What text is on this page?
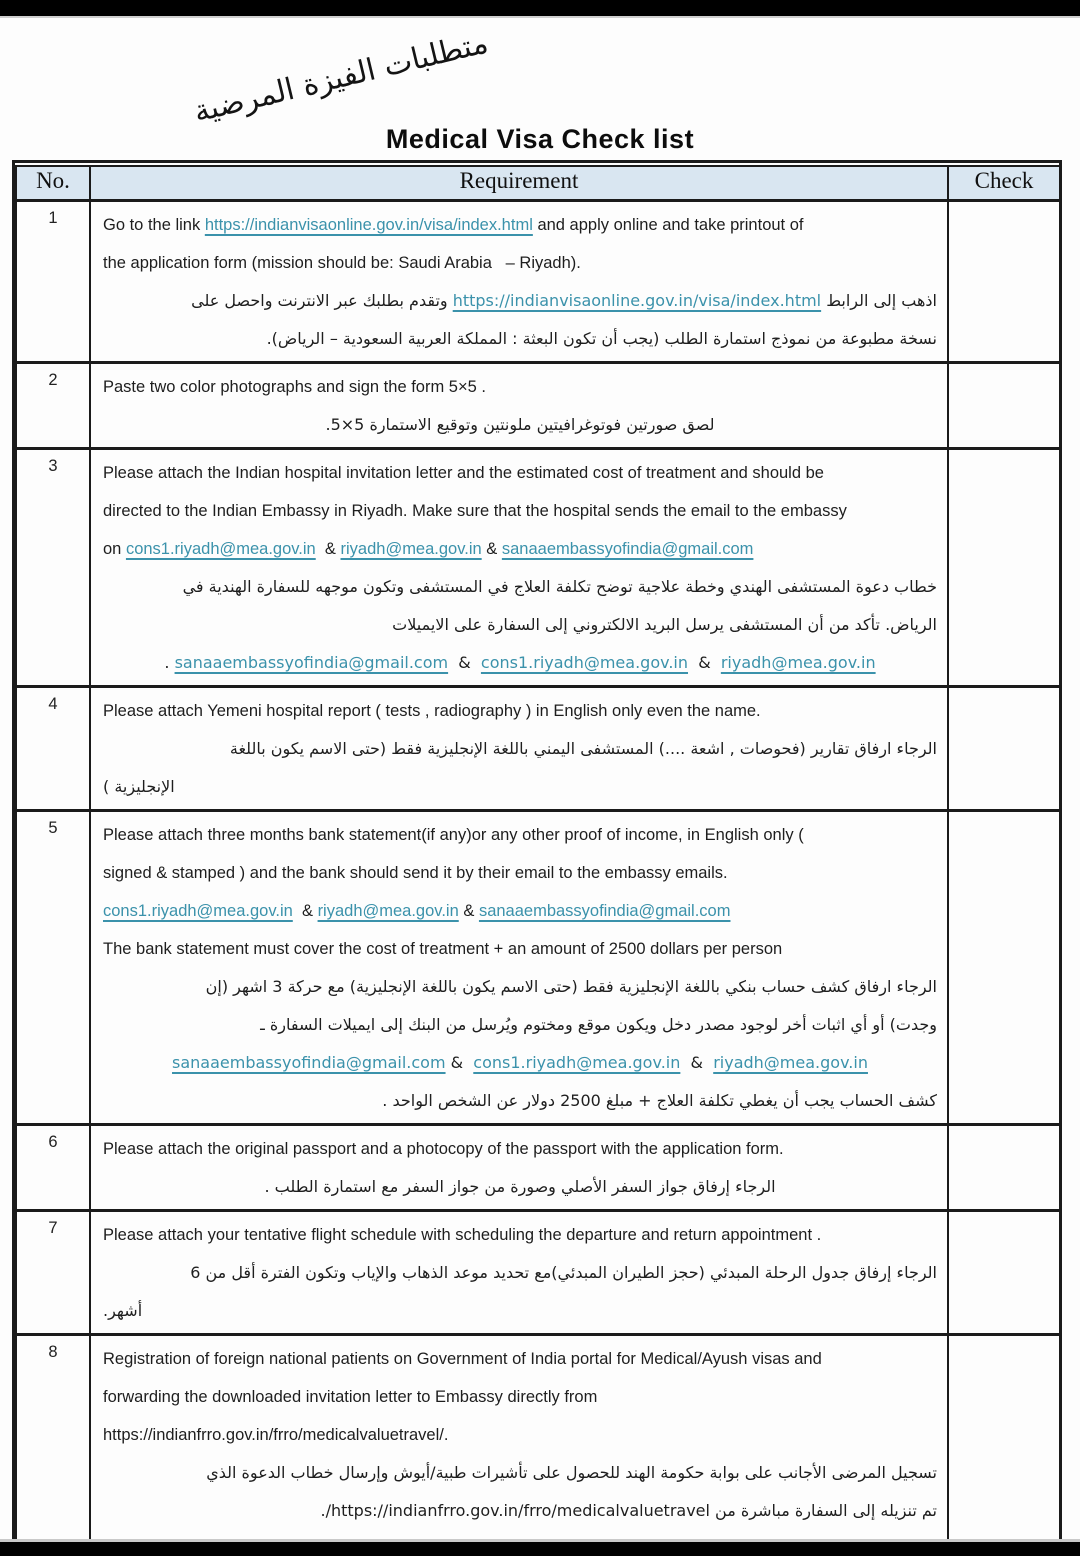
متطلبات الفيزة المرضية
Medical Visa Check list
No.	Requirement	Check
1	Go to the link https://indianvisaonline.gov.in/visa/index.html and apply online and take printout of
the application form (mission should be: Saudi Arabia   – Riyadh).
اذهب إلى الرابط https://indianvisaonline.gov.in/visa/index.html وتقدم بطلبك عبر الانترنت واحصل على
نسخة مطبوعة من نموذج استمارة الطلب (يجب أن تكون البعثة : المملكة العربية السعودية – الرياض).	

2	Paste two color photographs and sign the form 5×5 .
لصق صورتين فوتوغرافيتين ملونتين وتوقيع الاستمارة 5×5.	

3	Please attach the Indian hospital invitation letter and the estimated cost of treatment and should be
directed to the Indian Embassy in Riyadh. Make sure that the hospital sends the email to the embassy
on cons1.riyadh@mea.gov.in  & riyadh@mea.gov.in & sanaaembassyofindia@gmail.com
خطاب دعوة المستشفى الهندي وخطة علاجية توضح تكلفة العلاج في المستشفى وتكون موجهه للسفارة الهندية في
الرياض. تأكد من أن المستشفى يرسل البريد الالكتروني إلى السفارة على الايميلات
sanaaembassyofindia@gmail.com  &  cons1.riyadh@mea.gov.in  &  riyadh@mea.gov.in .

4	Please attach Yemeni hospital report ( tests , radiography ) in English only even the name.
الرجاء ارفاق تقارير (فحوصات , اشعة ....) المستشفى اليمني باللغة الإنجليزية فقط (حتى الاسم يكون باللغة
الإنجليزية )	

5	Please attach three months bank statement(if any)or any other proof of income, in English only (
signed & stamped ) and the bank should send it by their email to the embassy emails.
cons1.riyadh@mea.gov.in  & riyadh@mea.gov.in & sanaaembassyofindia@gmail.com
The bank statement must cover the cost of treatment + an amount of 2500 dollars per person
الرجاء ارفاق كشف حساب بنكي باللغة الإنجليزية فقط (حتى الاسم يكون باللغة الإنجليزية) مع حركة 3 اشهر (إن
وجدت) أو أي اثبات أخر لوجود مصدر دخل ويكون موقع ومختوم ويُرسل من البنك إلى ايميلات السفارة ـ
sanaaembassyofindia@gmail.com &  cons1.riyadh@mea.gov.in  &  riyadh@mea.gov.in
كشف الحساب يجب أن يغطي تكلفة العلاج + مبلغ 2500 دولار عن الشخص الواحد .

6	Please attach the original passport and a photocopy of the passport with the application form.
الرجاء إرفاق جواز السفر الأصلي وصورة من جواز السفر مع استمارة الطلب .	

7	Please attach your tentative flight schedule with scheduling the departure and return appointment .
الرجاء إرفاق جدول الرحلة المبدئي (حجز الطيران المبدئي)مع تحديد موعد الذهاب والإياب وتكون الفترة أقل من 6
أشهر.	

8	Registration of foreign national patients on Government of India portal for Medical/Ayush visas and
forwarding the downloaded invitation letter to Embassy directly from
https://indianfrro.gov.in/frro/medicalvaluetravel/.
تسجيل المرضى الأجانب على بوابة حكومة الهند للحصول على تأشيرات طبية/أيوش وإرسال خطاب الدعوة الذي
تم تنزيله إلى السفارة مباشرة من https://indianfrro.gov.in/frro/medicalvaluetravel/.	
